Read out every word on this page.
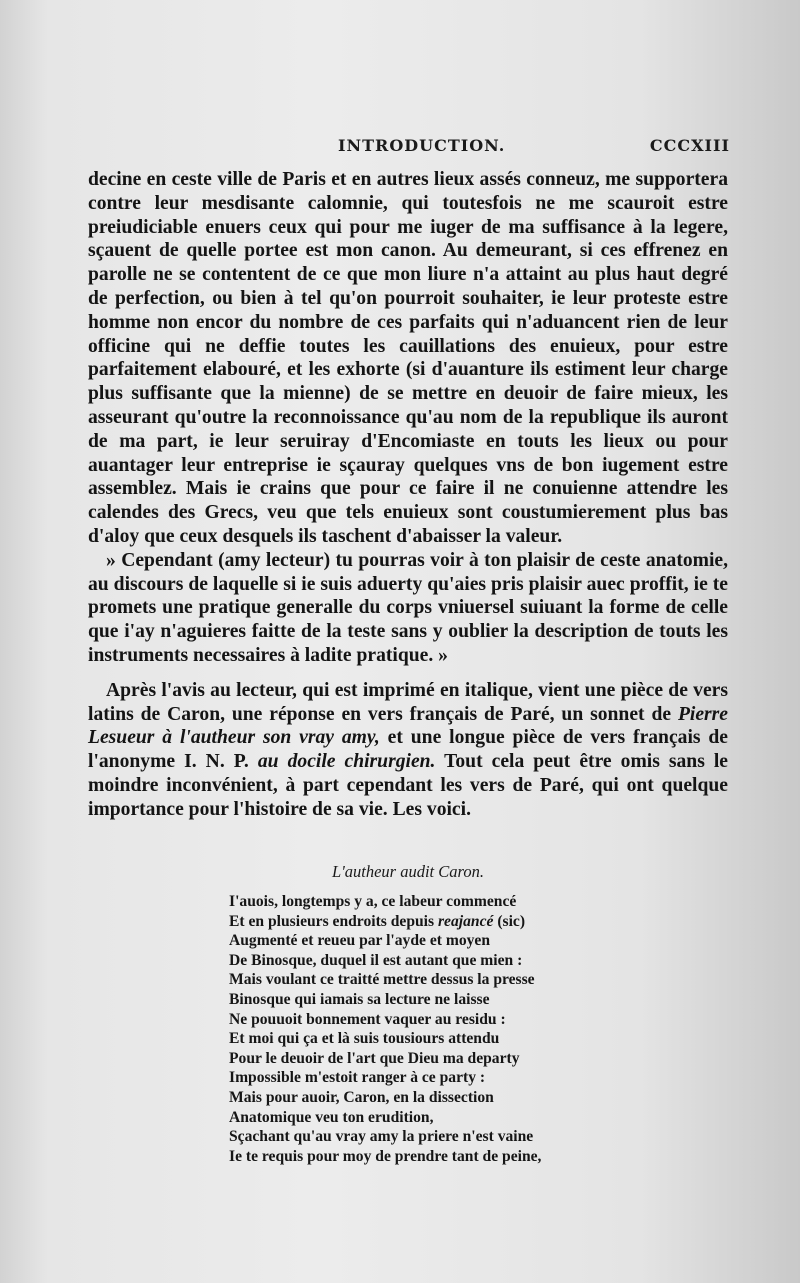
INTRODUCTION.	CCCXIII

decine en ceste ville de Paris et en autres lieux assés conneuz, me supportera contre leur mesdisante calomnie, qui toutesfois ne me scauroit estre preiudiciable enuers ceux qui pour me iuger de ma suffisance à la legere, sçauent de quelle portee est mon canon. Au demeurant, si ces effrenez en parolle ne se contentent de ce que mon liure n'a attaint au plus haut degré de perfection, ou bien à tel qu'on pourroit souhaiter, ie leur proteste estre homme non encor du nombre de ces parfaits qui n'aduancent rien de leur officine qui ne deffie toutes les cauillations des enuieux, pour estre parfaitement elabouré, et les exhorte (si d'auanture ils estiment leur charge plus suffisante que la mienne) de se mettre en deuoir de faire mieux, les asseurant qu'outre la reconnoissance qu'au nom de la republique ils auront de ma part, ie leur seruiray d'Encomiaste en touts les lieux ou pour auantager leur entreprise ie sçauray quelques vns de bon iugement estre assemblez. Mais ie crains que pour ce faire il ne conuienne attendre les calendes des Grecs, veu que tels enuieux sont coustumierement plus bas d'aloy que ceux desquels ils taschent d'abaisser la valeur.

» Cependant (amy lecteur) tu pourras voir à ton plaisir de ceste anatomie, au discours de laquelle si ie suis aduerty qu'aies pris plaisir auec proffit, ie te promets une pratique generalle du corps vniuersel suiuant la forme de celle que i'ay n'aguieres faitte de la teste sans y oublier la description de touts les instruments necessaires à ladite pratique. »

Après l'avis au lecteur, qui est imprimé en italique, vient une pièce de vers latins de Caron, une réponse en vers français de Paré, un sonnet de Pierre Lesueur à l'autheur son vray amy, et une longue pièce de vers français de l'anonyme I. N. P. au docile chirurgien. Tout cela peut être omis sans le moindre inconvénient, à part cependant les vers de Paré, qui ont quelque importance pour l'histoire de sa vie. Les voici.

L'autheur audit Caron.
I'auois, longtemps y a, ce labeur commencé
Et en plusieurs endroits depuis reajancé (sic)
Augmenté et reueu par l'ayde et moyen
De Binosque, duquel il est autant que mien :
Mais voulant ce traitté mettre dessus la presse
Binosque qui iamais sa lecture ne laisse
Ne pouuoit bonnement vaquer au residu :
Et moi qui ça et là suis tousiours attendu
Pour le deuoir de l'art que Dieu ma departy
Impossible m'estoit ranger à ce party :
Mais pour auoir, Caron, en la dissection
Anatomique veu ton erudition,
Sçachant qu'au vray amy la priere n'est vaine
Ie te requis pour moy de prendre tant de peine,
